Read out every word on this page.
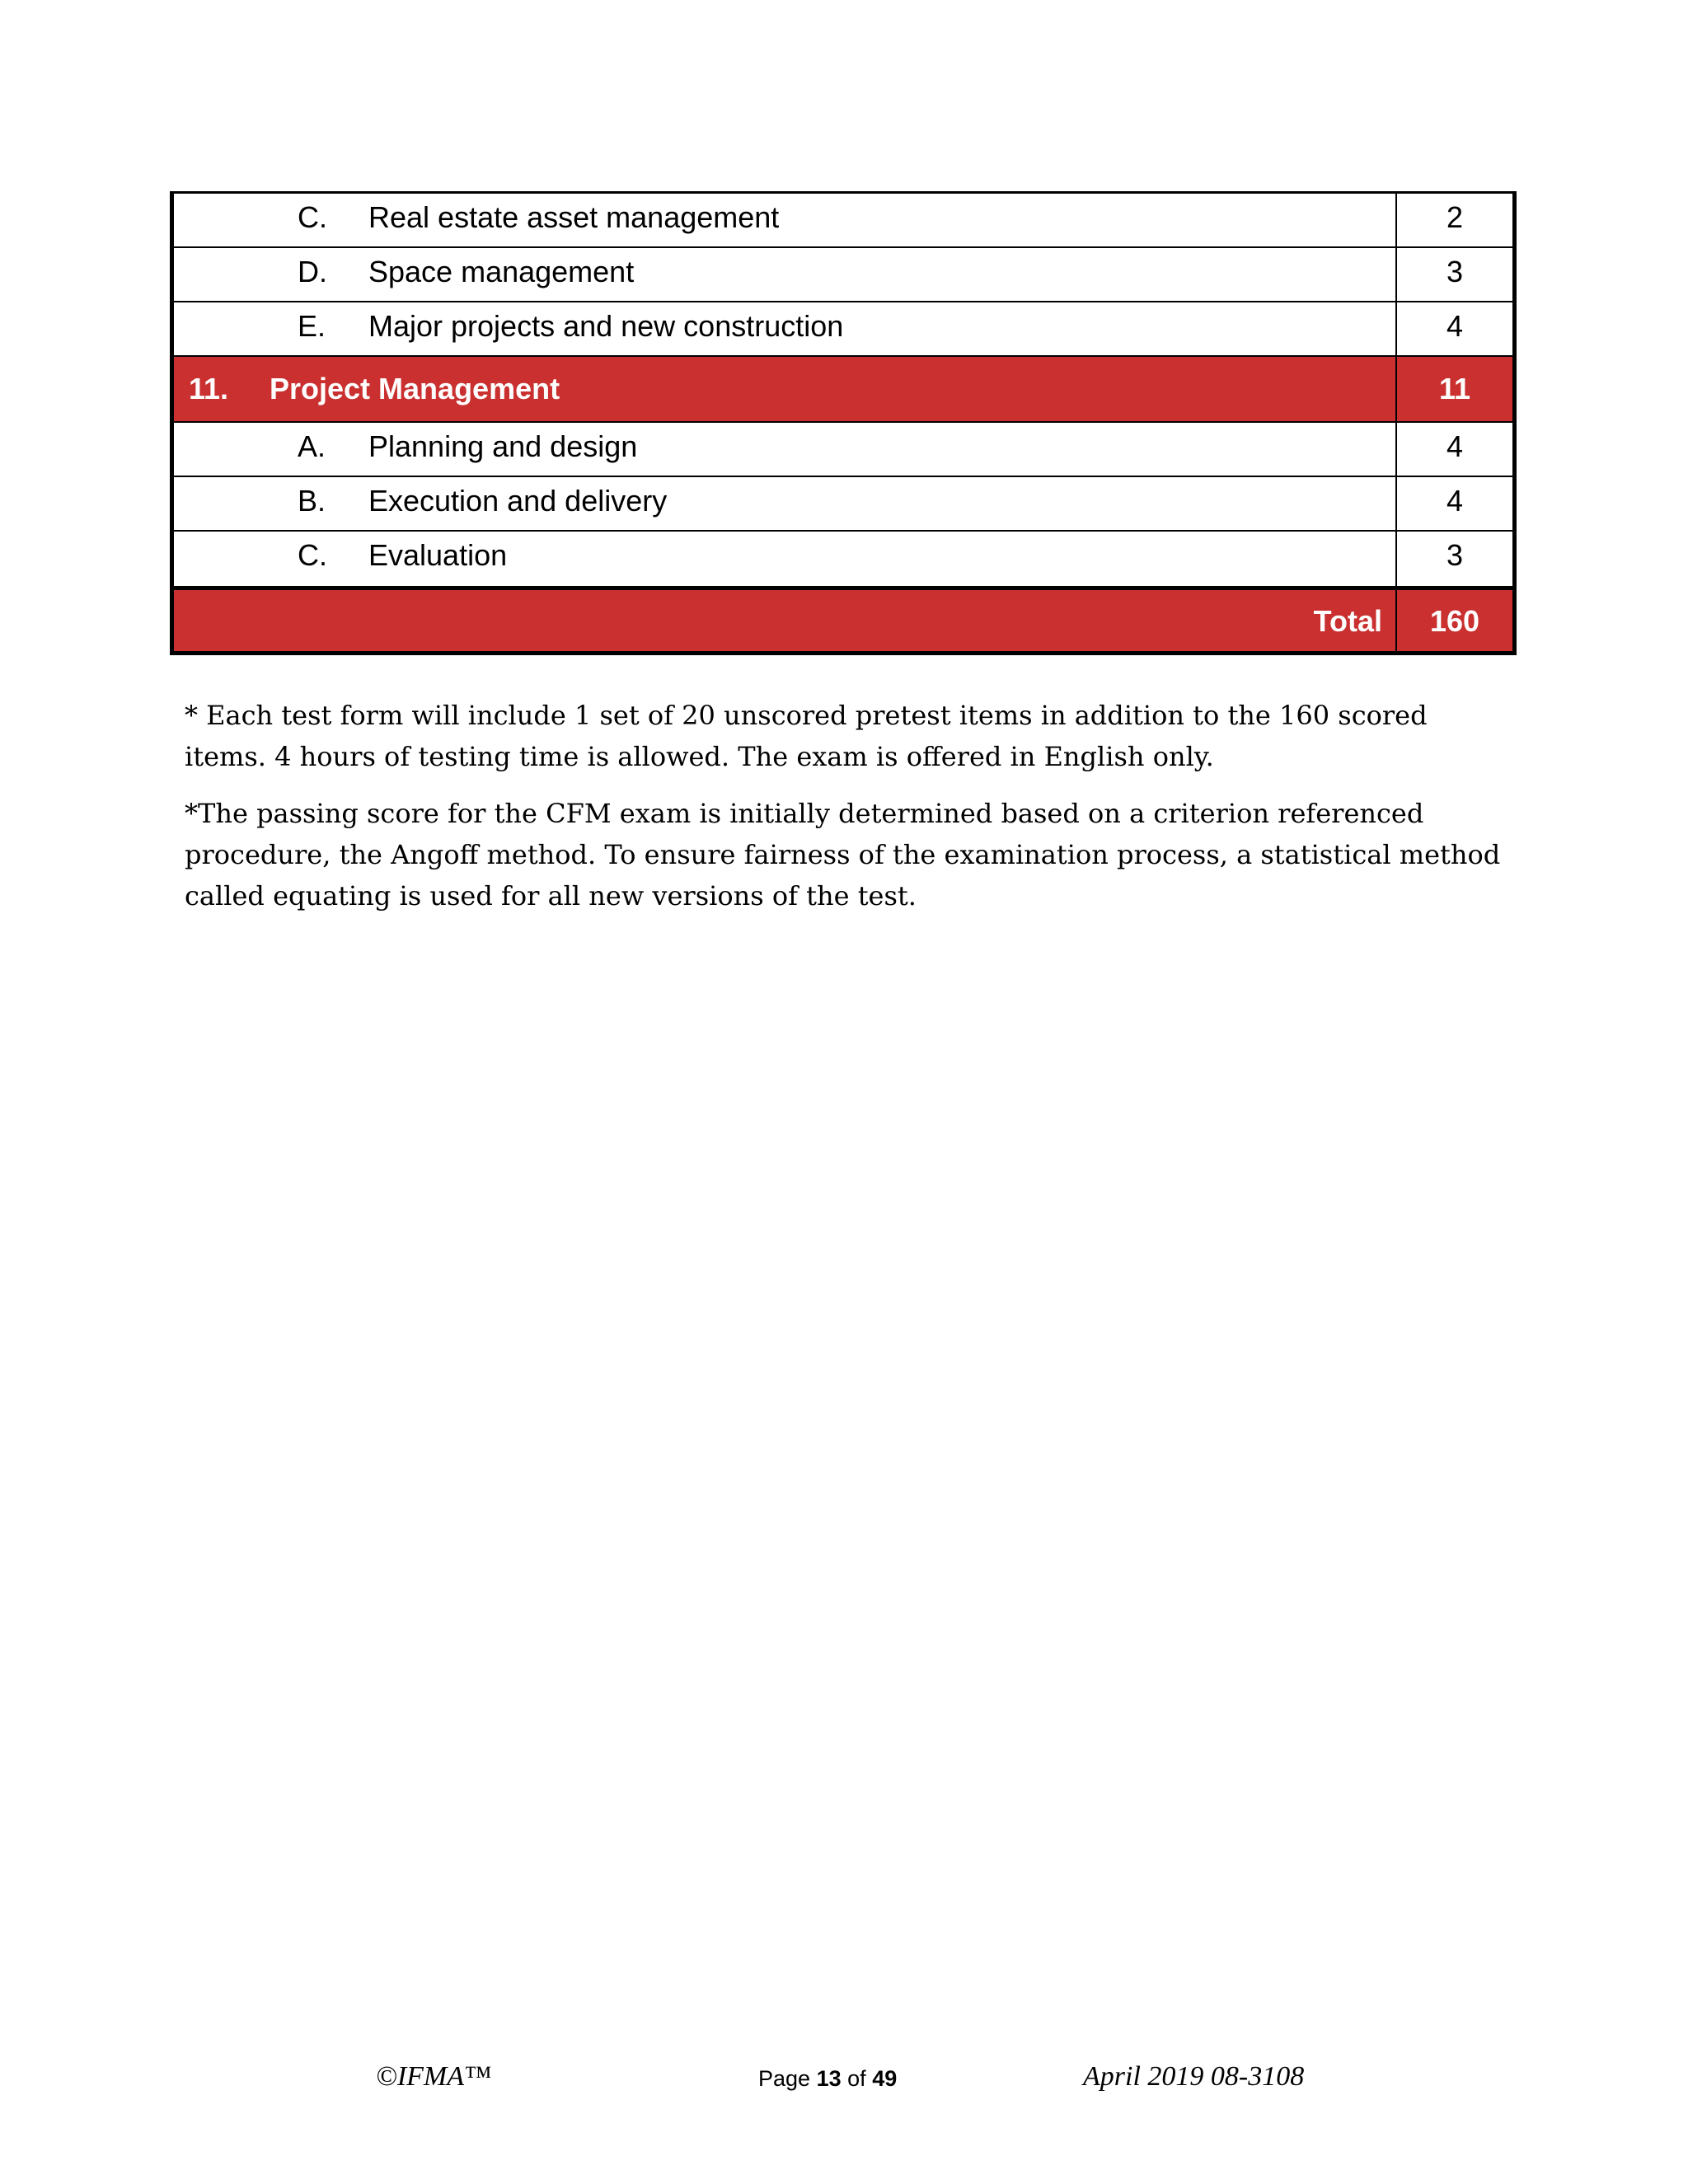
C. Real estate asset management	2
D. Space management	3
E. Major projects and new construction	4
11. Project Management	11
A. Planning and design	4
B. Execution and delivery	4
C. Evaluation	3
Total	160

* Each test form will include 1 set of 20 unscored pretest items in addition to the 160 scored items. 4 hours of testing time is allowed. The exam is offered in English only.

*The passing score for the CFM exam is initially determined based on a criterion referenced procedure, the Angoff method. To ensure fairness of the examination process, a statistical method called equating is used for all new versions of the test.

©IFMA™	Page 13 of 49	April 2019 08-3108
